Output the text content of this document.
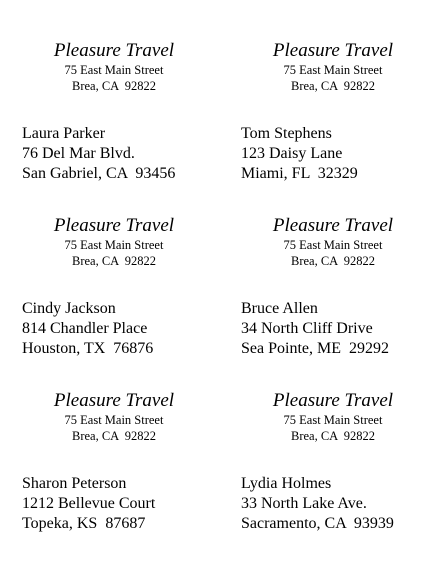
Pleasure Travel
75 East Main Street
Brea, CA  92822
Laura Parker
76 Del Mar Blvd.
San Gabriel, CA  93456
Pleasure Travel
75 East Main Street
Brea, CA  92822
Tom Stephens
123 Daisy Lane
Miami, FL  32329
Pleasure Travel
75 East Main Street
Brea, CA  92822
Cindy Jackson
814 Chandler Place
Houston, TX  76876
Pleasure Travel
75 East Main Street
Brea, CA  92822
Bruce Allen
34 North Cliff Drive
Sea Pointe, ME  29292
Pleasure Travel
75 East Main Street
Brea, CA  92822
Sharon Peterson
1212 Bellevue Court
Topeka, KS  87687
Pleasure Travel
75 East Main Street
Brea, CA  92822
Lydia Holmes
33 North Lake Ave.
Sacramento, CA  93939
